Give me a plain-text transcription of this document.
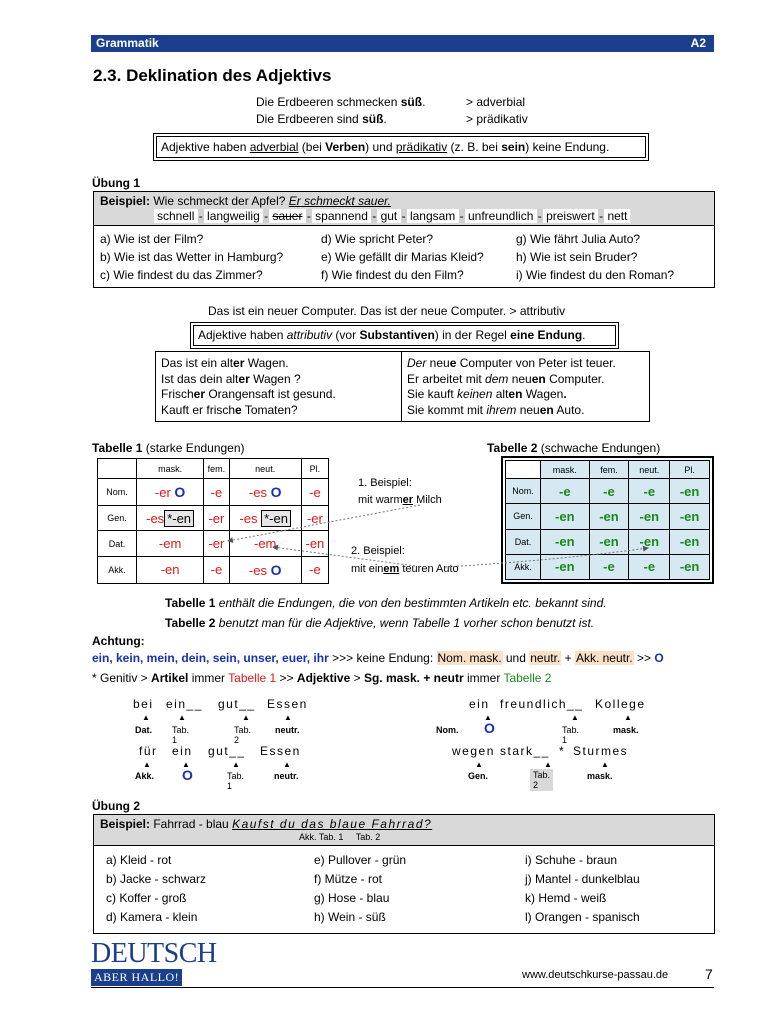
Grammatik	A2
2.3. Deklination des Adjektivs
Die Erdbeeren schmecken süß.	> adverbial
Die Erdbeeren sind süß.	> prädikativ
Adjektive haben adverbial (bei Verben) und prädikativ (z. B. bei sein) keine Endung.
Übung 1
Beispiel: Wie schmeckt der Apfel? Er schmeckt sauer.
schnell - langweilig - sauer - spannend - gut - langsam - unfreundlich - preiswert - nett
a) Wie ist der Film?	d) Wie spricht Peter?	g) Wie fährt Julia Auto?
b) Wie ist das Wetter in Hamburg?	e) Wie gefällt dir Marias Kleid?	h) Wie ist sein Bruder?
c) Wie findest du das Zimmer?	f) Wie findest du den Film?	i) Wie findest du den Roman?
Das ist ein neuer Computer. Das ist der neue Computer. > attributiv
Adjektive haben attributiv (vor Substantiven) in der Regel eine Endung.
Das ist ein alter Wagen.
Ist das dein alter Wagen ?
Frischer Orangensaft ist gesund.
Kauft er frische Tomaten?
Der neue Computer von Peter ist teuer.
Er arbeitet mit dem neuen Computer.
Sie kauft keinen alten Wagen.
Sie kommt mit ihrem neuen Auto.
Tabelle 1 (starke Endungen)
	mask.	fem.	neut.	Pl.
Nom.	-er O	-e	-es O	-e
Gen.	-es *-en	-er	-es *-en	-er
Dat.	-em	-er	-em	-en
Akk.	-en	-e	-es O	-e
Tabelle 2 (schwache Endungen)
	mask.	fem.	neut.	Pl.
Nom.	-e	-e	-e	-en
Gen.	-en	-en	-en	-en
Dat.	-en	-en	-en	-en
Akk.	-en	-e	-e	-en
1. Beispiel:
mit warmer Milch
2. Beispiel:
mit einem teuren Auto
Tabelle 1 enthält die Endungen, die von den bestimmten Artikeln etc. bekannt sind.
Tabelle 2 benutzt man für die Adjektive, wenn Tabelle 1 vorher schon benutzt ist.
Achtung:
ein, kein, mein, dein, sein, unser, euer, ihr >>> keine Endung: Nom. mask. und neutr. + Akk. neutr. >> O
* Genitiv > Artikel immer Tabelle 1 >> Adjektive > Sg. mask. + neutr immer Tabelle 2
bei ein__ gut__ Essen
▲	▲	▲	▲
Dat. Tab. 1
Tab. 2
neutr.
für ein gut__ Essen
▲	▲	▲	▲
Akk. O	Tab. 1
neutr.
ein freundlich__ Kollege
▲	▲	▲
Nom. O	Tab. 1
mask.
wegen stark__ * Sturmes
▲	▲	▲
Gen.	Tab. 2
mask.
Übung 2
Beispiel: Fahrrad - blau Kaufst du das blaue Fahrrad?
Akk. Tab. 1     Tab. 2
a) Kleid - rot	e) Pullover - grün	i) Schuhe - braun
b) Jacke - schwarz	f) Mütze - rot	j) Mantel - dunkelblau
c) Koffer - groß	g) Hose - blau	k) Hemd - weiß
d) Kamera - klein	h) Wein - süß	l) Orangen - spanisch
DEUTSCH
ABER HALLO!	www.deutschkurse-passau.de	7
